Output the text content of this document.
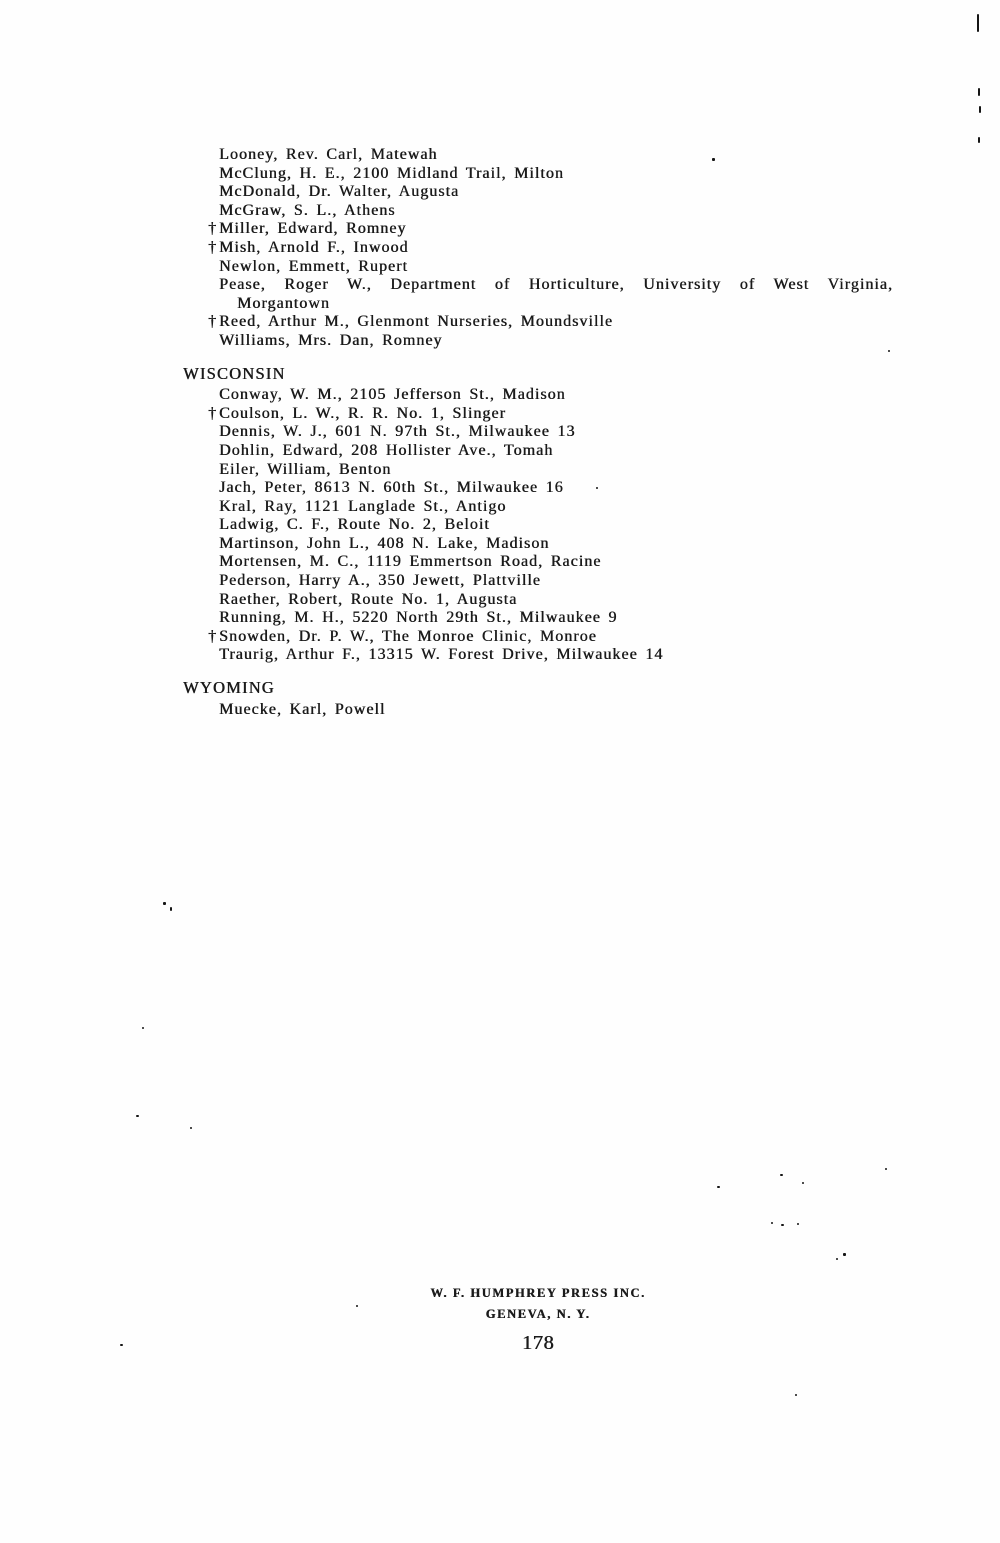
Looney, Rev. Carl, Matewah
McClung, H. E., 2100 Midland Trail, Milton
McDonald, Dr. Walter, Augusta
McGraw, S. L., Athens
† Miller, Edward, Romney
† Mish, Arnold F., Inwood
Newlon, Emmett, Rupert
Pease, Roger W., Department of Horticulture, University of West Virginia,
Morgantown
† Reed, Arthur M., Glenmont Nurseries, Moundsville
Williams, Mrs. Dan, Romney
WISCONSIN
Conway, W. M., 2105 Jefferson St., Madison
† Coulson, L. W., R. R. No. 1, Slinger
Dennis, W. J., 601 N. 97th St., Milwaukee 13
Dohlin, Edward, 208 Hollister Ave., Tomah
Eiler, William, Benton
Jach, Peter, 8613 N. 60th St., Milwaukee 16
Kral, Ray, 1121 Langlade St., Antigo
Ladwig, C. F., Route No. 2, Beloit
Martinson, John L., 408 N. Lake, Madison
Mortensen, M. C., 1119 Emmertson Road, Racine
Pederson, Harry A., 350 Jewett, Plattville
Raether, Robert, Route No. 1, Augusta
Running, M. H., 5220 North 29th St., Milwaukee 9
† Snowden, Dr. P. W., The Monroe Clinic, Monroe
Traurig, Arthur F., 13315 W. Forest Drive, Milwaukee 14
WYOMING
Muecke, Karl, Powell
W. F. HUMPHREY PRESS INC.
GENEVA, N. Y.
178
